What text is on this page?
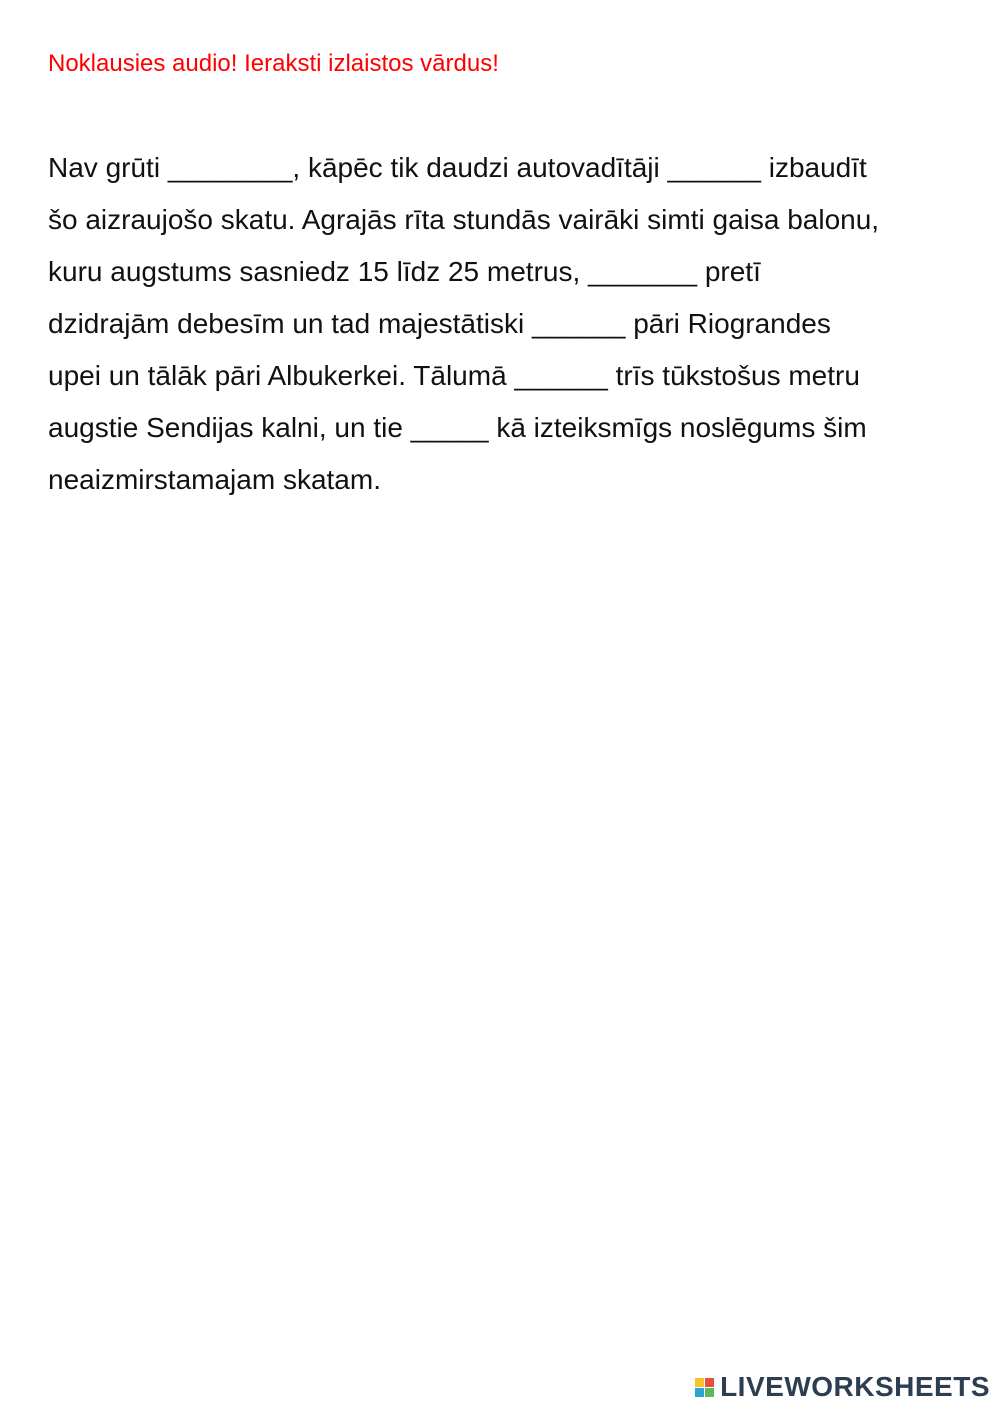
Noklausies audio! Ieraksti izlaistos vārdus!
Nav grūti ________, kāpēc tik daudzi autovadītāji ______ izbaudīt
šo aizraujošo skatu. Agrajās rīta stundās vairāki simti gaisa balonu,
kuru augstums sasniedz 15 līdz 25 metrus, _______ pretī
dzidrajām debesīm un tad majestātiski ______ pāri Riograndes
upei un tālāk pāri Albukerkei. Tālumā ______ trīs tūkstošus metru
augstie Sendijas kalni, un tie _____ kā izteiksmīgs noslēgums šim
neaizmirstamajam skatam.
LIVEWORKSHEETS
